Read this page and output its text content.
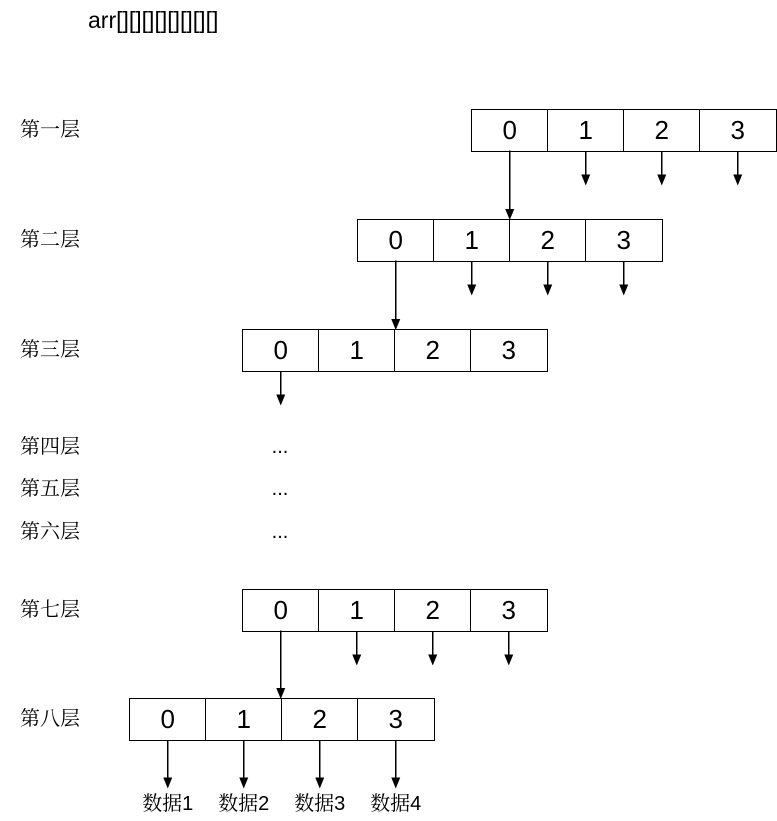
arr[][][][][][][][]
第一层	0	1	2	3
第二层	0	1	2	3
第三层	0	1	2	3
第四层	...
第五层	...
第六层	...
第七层	0	1	2	3
第八层	0	1	2	3
数据1 数据2 数据3 数据4
